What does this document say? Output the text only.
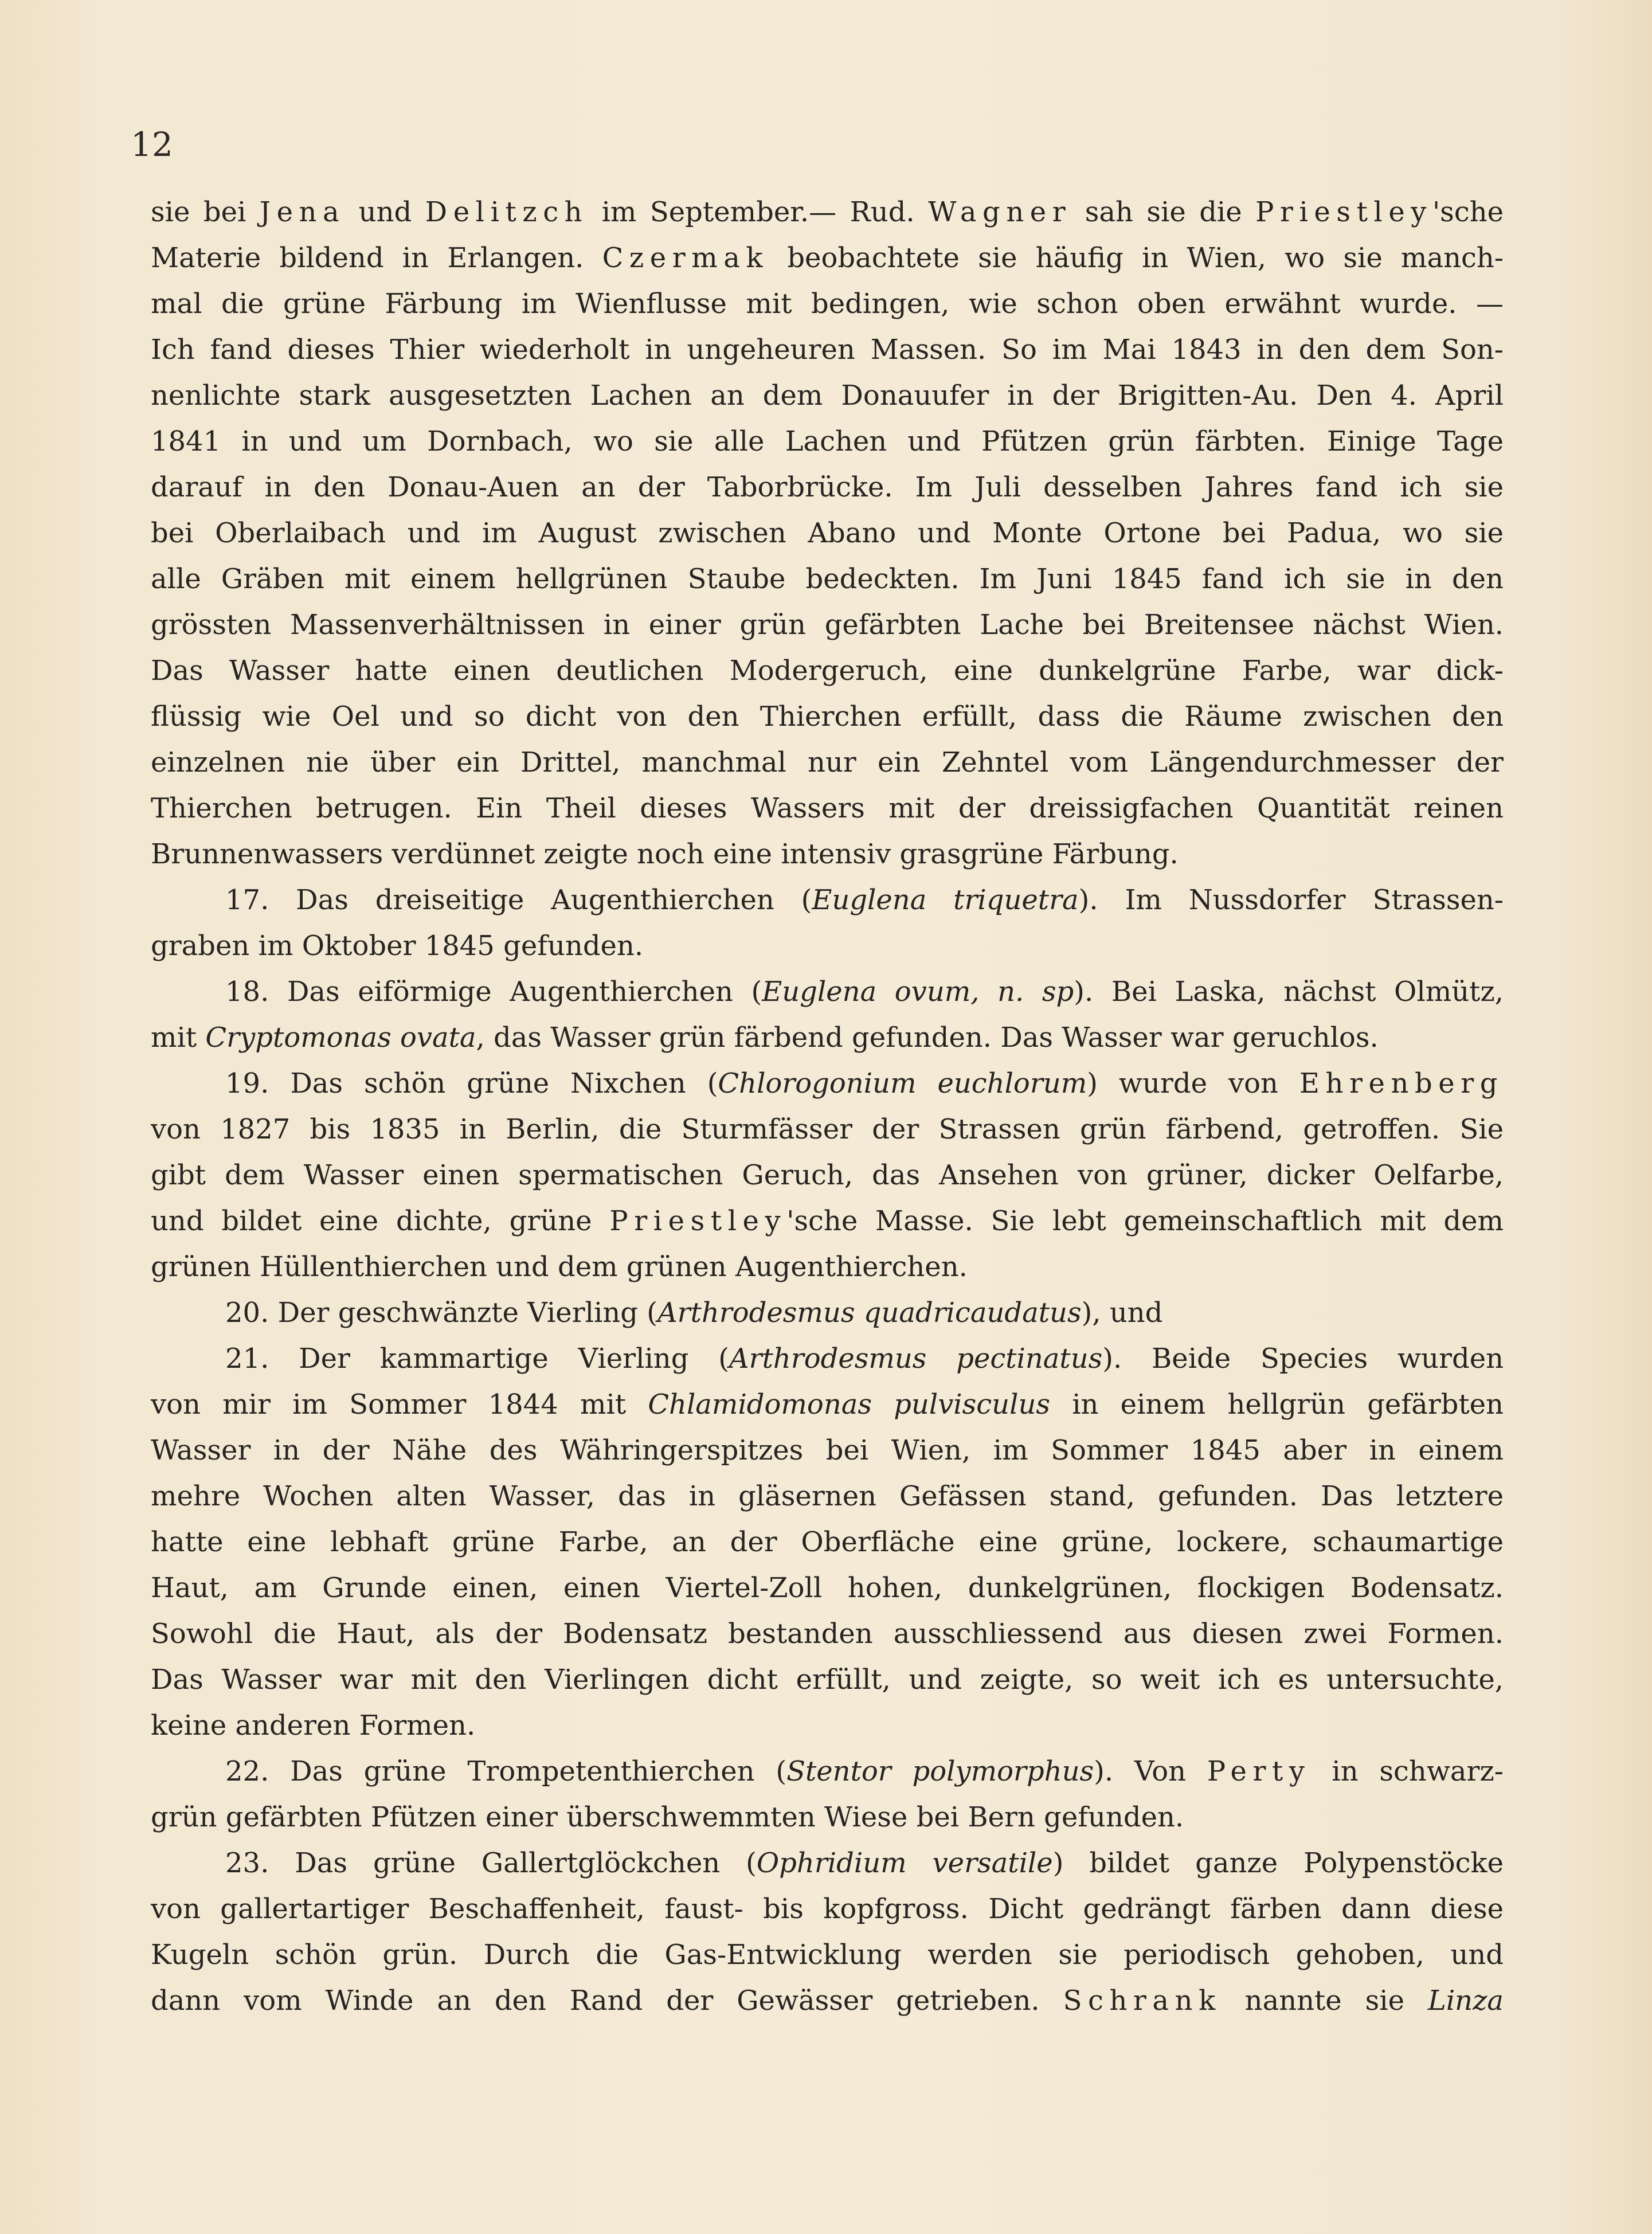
12
sie bei Jena und Delitzch im September.— Rud. Wagner sah sie die Priestley'sche
Materie bildend in Erlangen. Czermak beobachtete sie häufig in Wien, wo sie manch-
mal die grüne Färbung im Wienflusse mit bedingen, wie schon oben erwähnt wurde. —
Ich fand dieses Thier wiederholt in ungeheuren Massen. So im Mai 1843 in den dem Son-
nenlichte stark ausgesetzten Lachen an dem Donauufer in der Brigitten-Au. Den 4. April
1841 in und um Dornbach, wo sie alle Lachen und Pfützen grün färbten. Einige Tage
darauf in den Donau-Auen an der Taborbrücke. Im Juli desselben Jahres fand ich sie
bei Oberlaibach und im August zwischen Abano und Monte Ortone bei Padua, wo sie
alle Gräben mit einem hellgrünen Staube bedeckten. Im Juni 1845 fand ich sie in den
grössten Massenverhältnissen in einer grün gefärbten Lache bei Breitensee nächst Wien.
Das Wasser hatte einen deutlichen Modergeruch, eine dunkelgrüne Farbe, war dick-
flüssig wie Oel und so dicht von den Thierchen erfüllt, dass die Räume zwischen den
einzelnen nie über ein Drittel, manchmal nur ein Zehntel vom Längendurchmesser der
Thierchen betrugen. Ein Theil dieses Wassers mit der dreissigfachen Quantität reinen
Brunnenwassers verdünnet zeigte noch eine intensiv grasgrüne Färbung.
17. Das dreiseitige Augenthierchen (Euglena triquetra). Im Nussdorfer Strassen-
graben im Oktober 1845 gefunden.
18. Das eiförmige Augenthierchen (Euglena ovum, n. sp). Bei Laska, nächst Olmütz,
mit Cryptomonas ovata, das Wasser grün färbend gefunden. Das Wasser war geruchlos.
19. Das schön grüne Nixchen (Chlorogonium euchlorum) wurde von Ehrenberg
von 1827 bis 1835 in Berlin, die Sturmfässer der Strassen grün färbend, getroffen. Sie
gibt dem Wasser einen spermatischen Geruch, das Ansehen von grüner, dicker Oelfarbe,
und bildet eine dichte, grüne Priestley'sche Masse. Sie lebt gemeinschaftlich mit dem
grünen Hüllenthierchen und dem grünen Augenthierchen.
20. Der geschwänzte Vierling (Arthrodesmus quadricaudatus), und
21. Der kammartige Vierling (Arthrodesmus pectinatus). Beide Species wurden
von mir im Sommer 1844 mit Chlamidomonas pulvisculus in einem hellgrün gefärbten
Wasser in der Nähe des Währingerspitzes bei Wien, im Sommer 1845 aber in einem
mehre Wochen alten Wasser, das in gläsernen Gefässen stand, gefunden. Das letztere
hatte eine lebhaft grüne Farbe, an der Oberfläche eine grüne, lockere, schaumartige
Haut, am Grunde einen, einen Viertel-Zoll hohen, dunkelgrünen, flockigen Bodensatz.
Sowohl die Haut, als der Bodensatz bestanden ausschliessend aus diesen zwei Formen.
Das Wasser war mit den Vierlingen dicht erfüllt, und zeigte, so weit ich es untersuchte,
keine anderen Formen.
22. Das grüne Trompetenthierchen (Stentor polymorphus). Von Perty in schwarz-
grün gefärbten Pfützen einer überschwemmten Wiese bei Bern gefunden.
23. Das grüne Gallertglöckchen (Ophridium versatile) bildet ganze Polypenstöcke
von gallertartiger Beschaffenheit, faust- bis kopfgross. Dicht gedrängt färben dann diese
Kugeln schön grün. Durch die Gas-Entwicklung werden sie periodisch gehoben, und
dann vom Winde an den Rand der Gewässer getrieben. Schrank nannte sie Linza
